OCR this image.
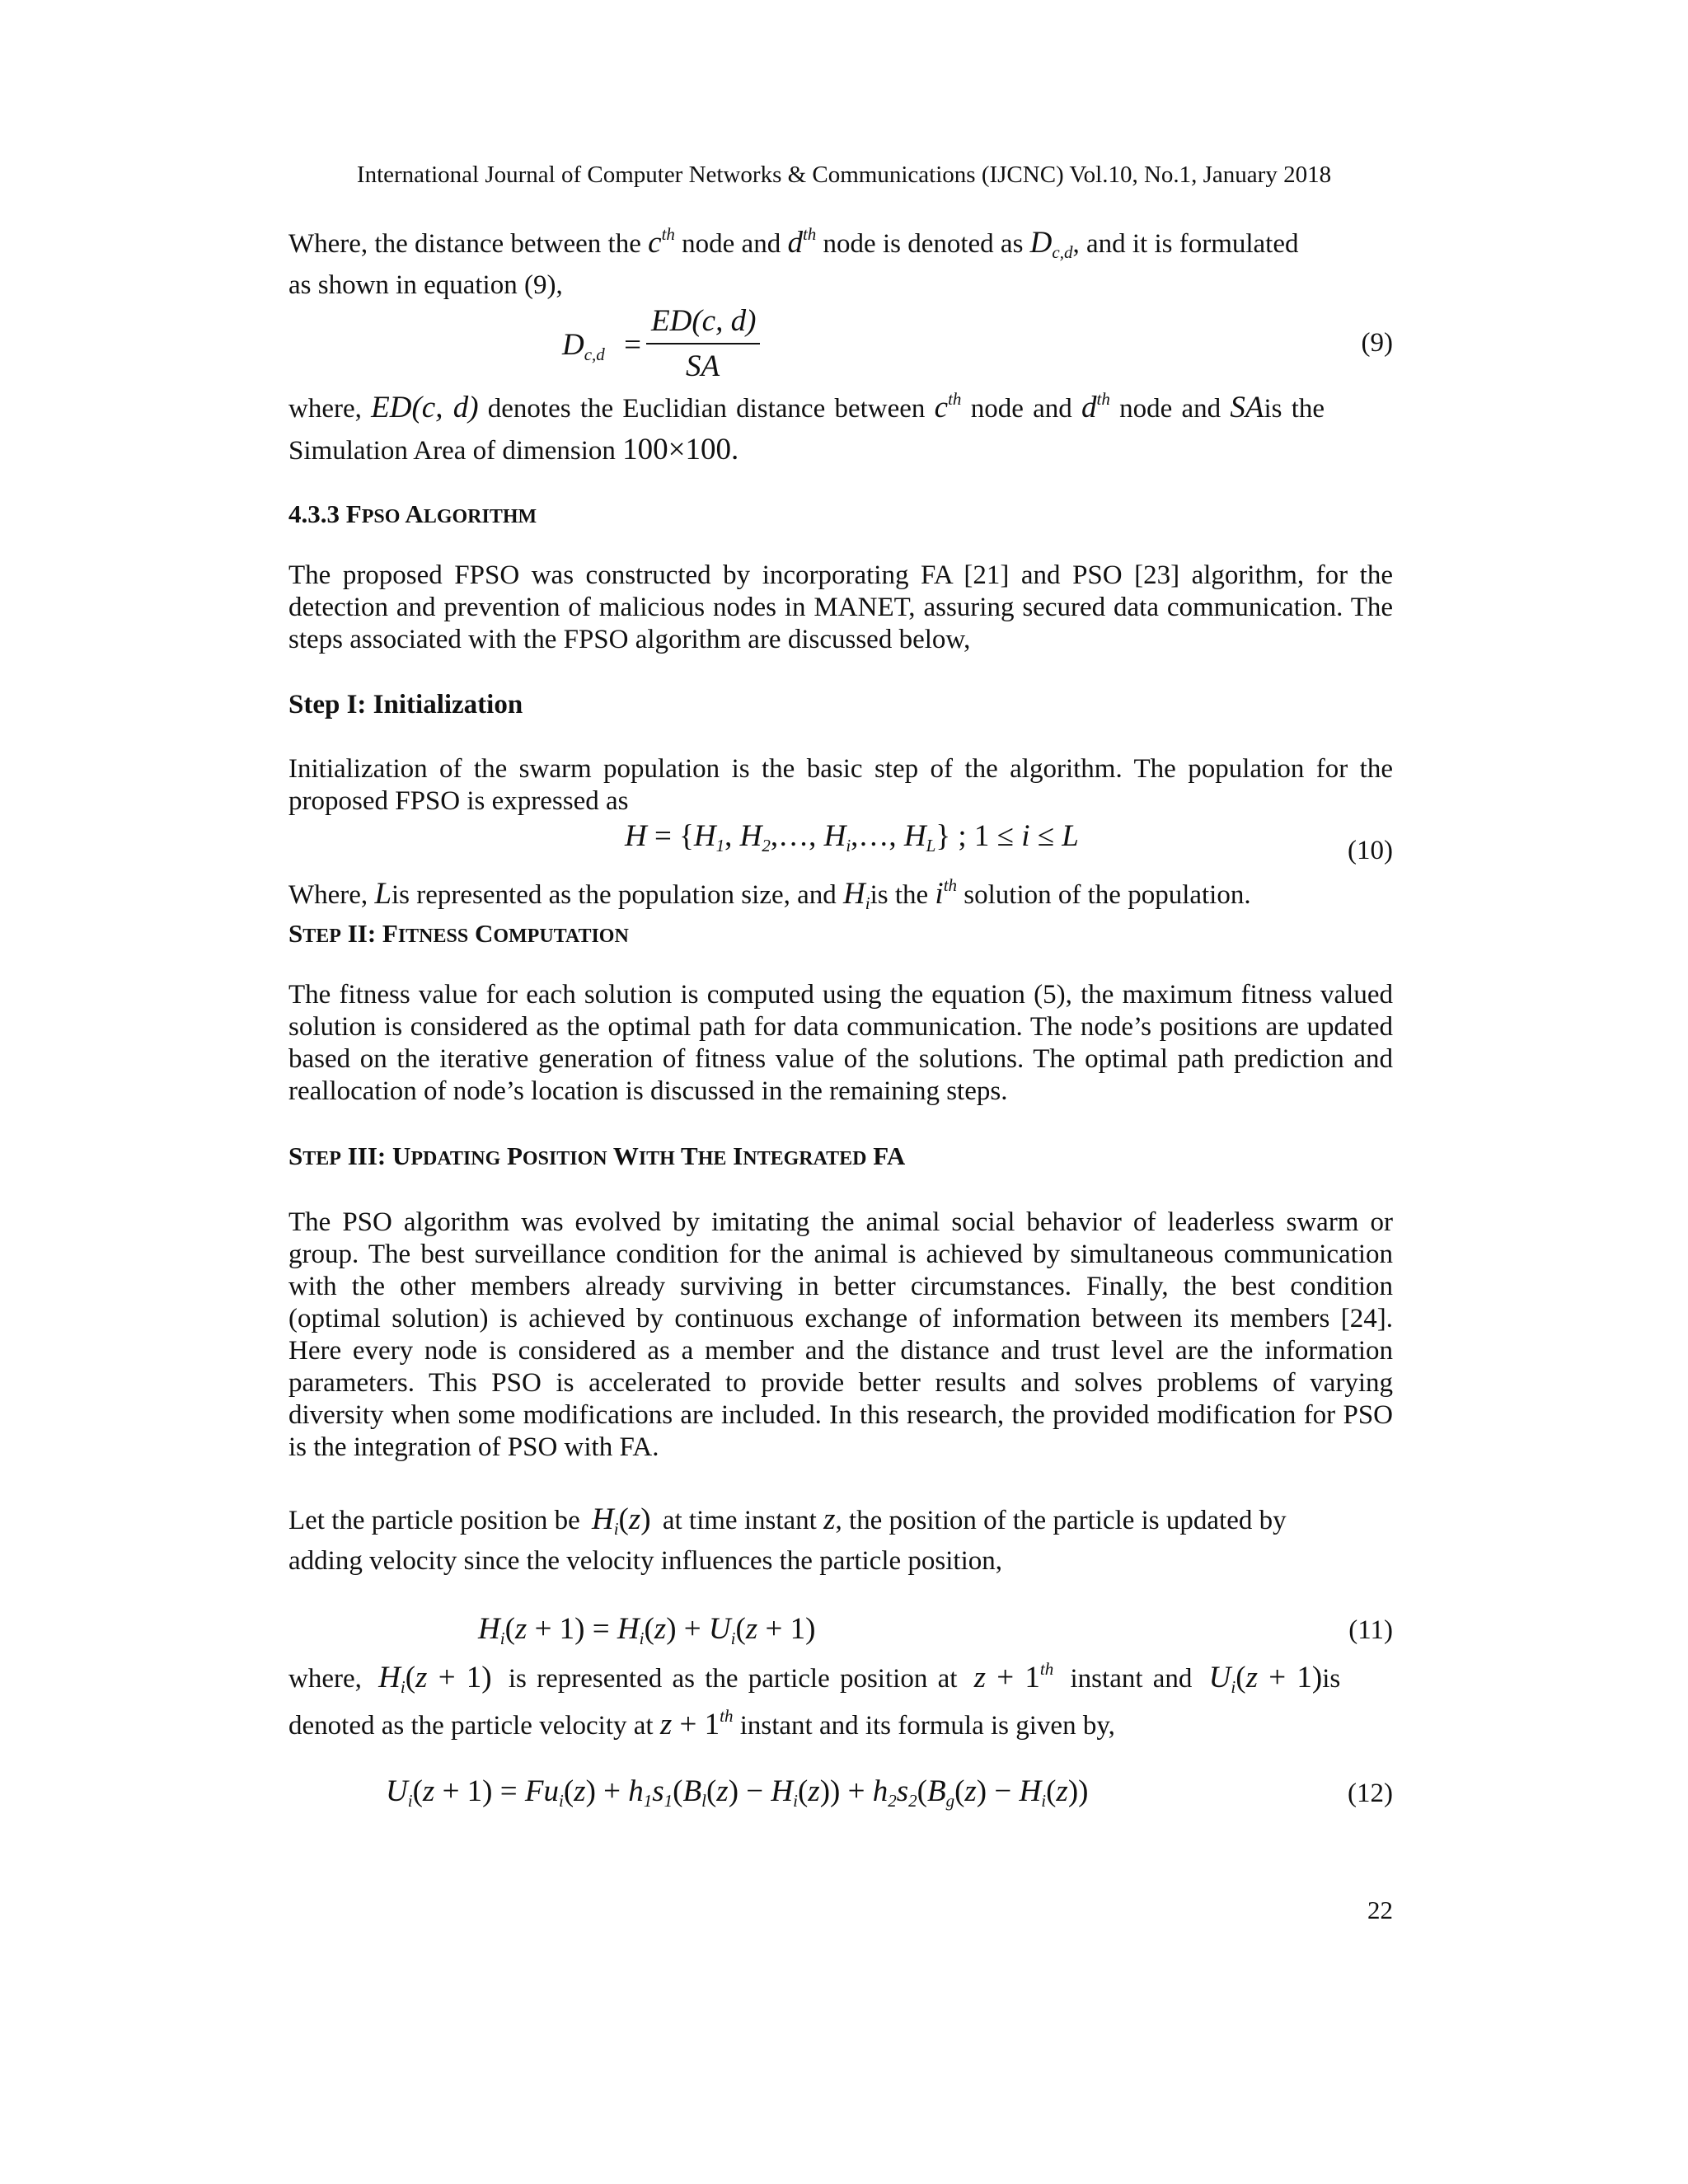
International Journal of Computer Networks & Communications (IJCNC) Vol.10, No.1, January 2018
Where, the distance between the $c^{th}$ node and $d^{th}$ node is denoted as $D_{c,d}$, and it is formulated
as shown in equation (9),
$D_{c,d}$ =
ED(c, d)
SA
(9)
where, ED(c, d) denotes the Euclidian distance between $c^{th}$ node and $d^{th}$ node and SAis the
Simulation Area of dimension 100×100.
4.3.3 FPSO ALGORITHM
The proposed FPSO was constructed by incorporating FA [21] and PSO [23] algorithm, for the detection and prevention of malicious nodes in MANET, assuring secured data communication. The steps associated with the FPSO algorithm are discussed below,
Step I: Initialization
Initialization of the swarm population is the basic step of the algorithm. The population for the proposed FPSO is expressed as
$H = \{H_1$, $H_2,\dots$, $H_i,\dots$, $H_L$} ; 1 ≤ i ≤ L	(10)
Where, Lis represented as the population size, and $H_iis$ the $i^{th}$ solution of the population.
STEP II: FITNESS COMPUTATION
The fitness value for each solution is computed using the equation (5), the maximum fitness valued solution is considered as the optimal path for data communication. The node’s positions are updated based on the iterative generation of fitness value of the solutions. The optimal path prediction and reallocation of node’s location is discussed in the remaining steps.
STEP III: UPDATING POSITION WITH THE INTEGRATED FA
The PSO algorithm was evolved by imitating the animal social behavior of leaderless swarm or group. The best surveillance condition for the animal is achieved by simultaneous communication with the other members already surviving in better circumstances. Finally, the best condition (optimal solution) is achieved by continuous exchange of information between its members [24]. Here every node is considered as a member and the distance and trust level are the information parameters. This PSO is accelerated to provide better results and solves problems of varying diversity when some modifications are included. In this research, the provided modification for PSO is the integration of PSO with FA.
Let the particle position be $H_i(z)$ at time instant z, the position of the particle is updated by
adding velocity since the velocity influences the particle position,
$H_i(z + 1) = H_i(z) + U_i(z + 1)$	(11)
where, $H_i(z + 1)$ is represented as the particle position at z + 1th instant and $U_i(z + 1)is$
denoted as the particle velocity at z + 1th instant and its formula is given by,
$U_i(z + 1) = Fu_i(z) + h_1s_1(B_l(z) - H_i(z)) + h_2s_2(B_g(z) - H_i(z))$	(12)
22
